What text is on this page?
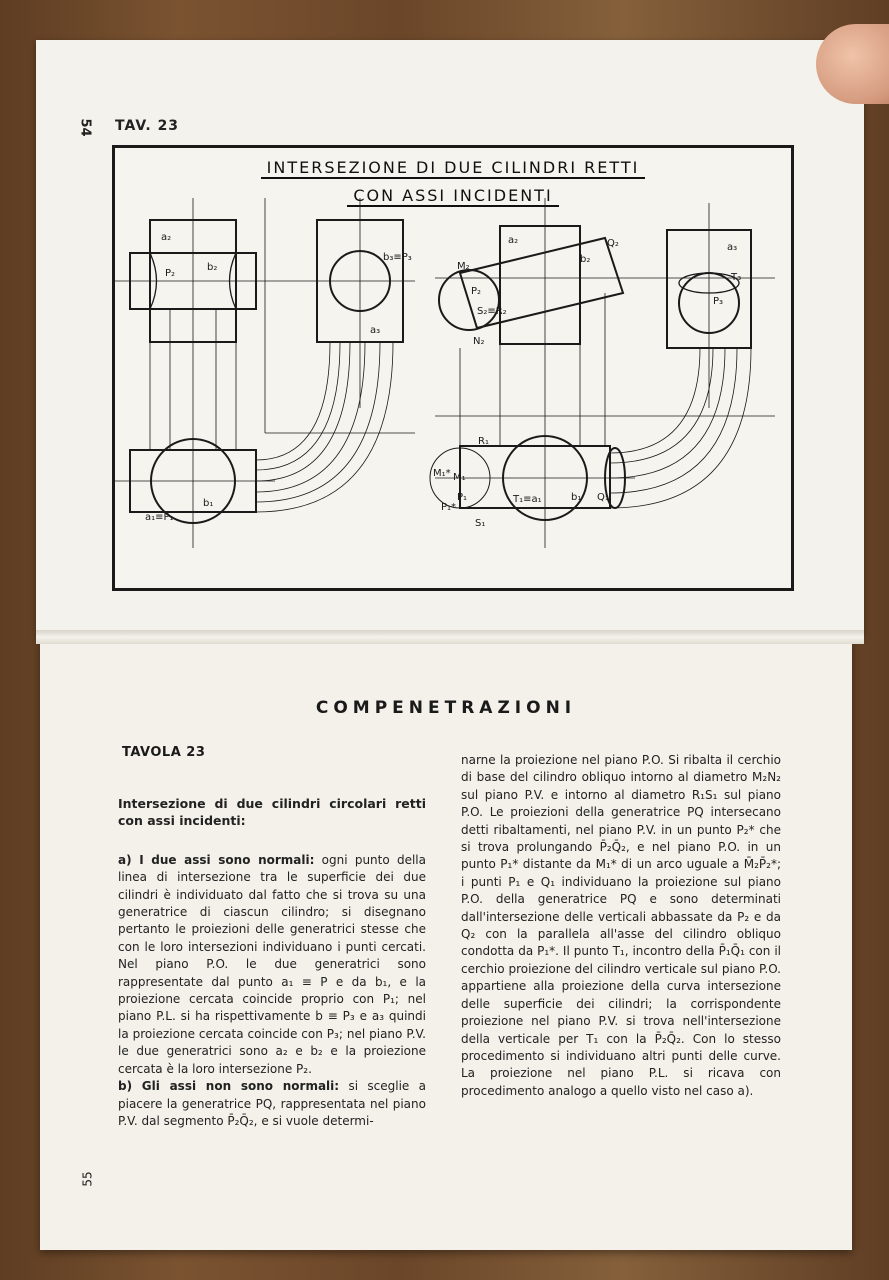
54 TAV. 23
INTERSEZIONE DI DUE CILINDRI RETTI
CON ASSI INCIDENTI
a₂
P₂
b₂
b₃≡P₃
a₃
b₁
a₁≡P₁
a₂	Q₂
M₂
P₂
S₂≡R₂
N₂
b₂
a₃
T₃
P₃
R₁
M₁* M₁
P₁	T₁≡a₁	b₁ Q₁
P₁*
S₁
COMPENETRAZIONI
TAVOLA 23

Intersezione di due cilindri circolari retti con assi incidenti:

a) I due assi sono normali: ogni punto della linea di intersezione tra le superficie dei due cilindri è individuato dal fatto che si trova su una generatrice di ciascun cilindro; si disegnano pertanto le proiezioni delle generatrici stesse che con le loro intersezioni individuano i punti cercati. Nel piano P.O. le due generatrici sono rappresentate dal punto a₁ ≡ P e da b₁, e la proiezione cercata coincide proprio con P₁; nel piano P.L. si ha rispettivamente b ≡ P₃ e a₃ quindi la proiezione cercata coincide con P₃; nel piano P.V. le due generatrici sono a₂ e b₂ e la proiezione cercata è la loro intersezione P₂.

b) Gli assi non sono normali: si sceglie a piacere la generatrice PQ, rappresentata nel piano P.V. dal segmento P̄₂Q̄₂, e si vuole determi-

narne la proiezione nel piano P.O. Si ribalta il cerchio di base del cilindro obliquo intorno al diametro M₂N₂ sul piano P.V. e intorno al diametro R₁S₁ sul piano P.O. Le proiezioni della generatrice PQ intersecano detti ribaltamenti, nel piano P.V. in un punto P₂* che si trova prolungando P̄₂Q̄₂, e nel piano P.O. in un punto P₁* distante da M₁* di un arco uguale a M̄₂P̄₂*; i punti P₁ e Q₁ individuano la proiezione sul piano P.O. della generatrice PQ e sono determinati dall'intersezione delle verticali abbassate da P₂ e da Q₂ con la parallela all'asse del cilindro obliquo condotta da P₁*. Il punto T₁, incontro della P̄₁Q̄₁ con il cerchio proiezione del cilindro verticale sul piano P.O. appartiene alla proiezione della curva intersezione delle superficie dei cilindri; la corrispondente proiezione nel piano P.V. si trova nell'intersezione della verticale per T₁ con la P̄₂Q̄₂. Con lo stesso procedimento si individuano altri punti delle curve. La proiezione nel piano P.L. si ricava con procedimento analogo a quello visto nel caso a).
55
